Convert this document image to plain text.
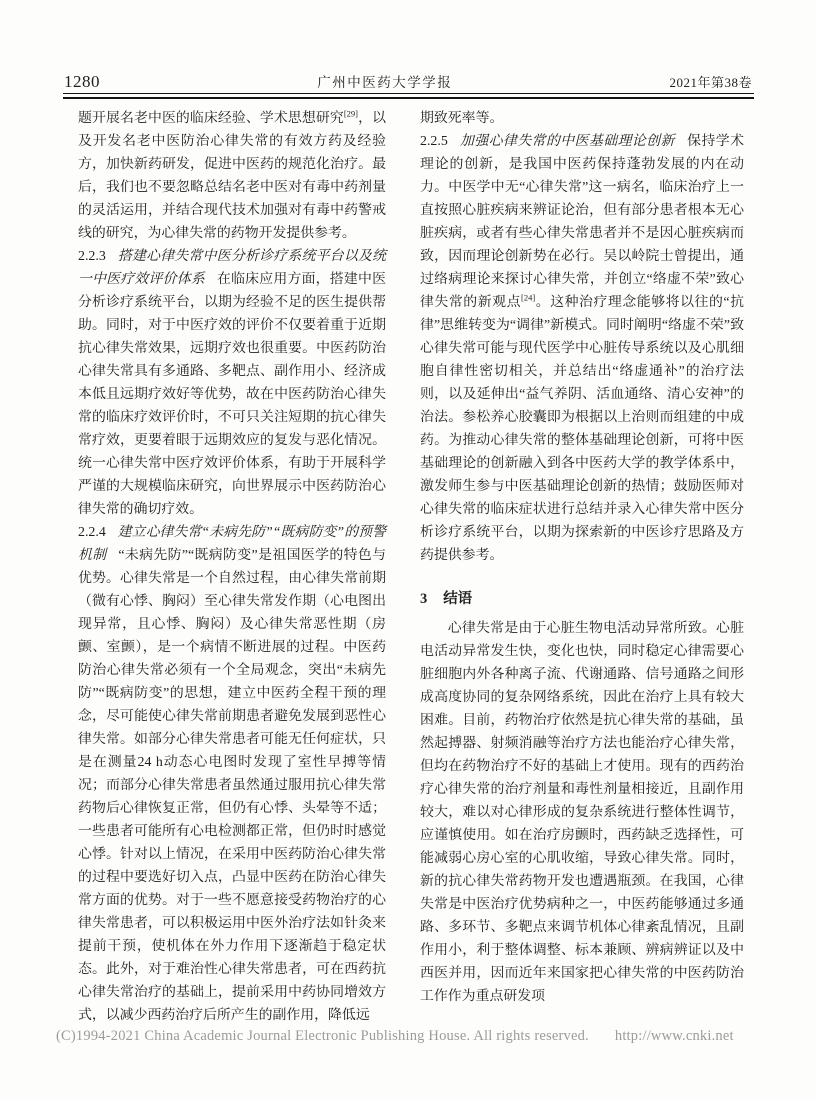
1280	广州中医药大学学报	2021年第38卷

题开展名老中医的临床经验、学术思想研究[29]，以及开发名老中医防治心律失常的有效方药及经验方，加快新药研发，促进中医药的规范化治疗。最后，我们也不要忽略总结名老中医对有毒中药剂量的灵活运用，并结合现代技术加强对有毒中药警戒线的研究，为心律失常的药物开发提供参考。

2.2.3 搭建心律失常中医分析诊疗系统平台以及统一中医疗效评价体系 在临床应用方面，搭建中医分析诊疗系统平台，以期为经验不足的医生提供帮助。同时，对于中医疗效的评价不仅要着重于近期抗心律失常效果，远期疗效也很重要。中医药防治心律失常具有多通路、多靶点、副作用小、经济成本低且远期疗效好等优势，故在中医药防治心律失常的临床疗效评价时，不可只关注短期的抗心律失常疗效，更要着眼于远期效应的复发与恶化情况。统一心律失常中医疗效评价体系，有助于开展科学严谨的大规模临床研究，向世界展示中医药防治心律失常的确切疗效。

2.2.4 建立心律失常“未病先防”“既病防变”的预警机制 “未病先防”“既病防变”是祖国医学的特色与优势。心律失常是一个自然过程，由心律失常前期（微有心悸、胸闷）至心律失常发作期（心电图出现异常，且心悸、胸闷）及心律失常恶性期（房颤、室颤），是一个病情不断进展的过程。中医药防治心律失常必须有一个全局观念，突出“未病先防”“既病防变”的思想，建立中医药全程干预的理念，尽可能使心律失常前期患者避免发展到恶性心律失常。如部分心律失常患者可能无任何症状，只是在测量24 h动态心电图时发现了室性早搏等情况；而部分心律失常患者虽然通过服用抗心律失常药物后心律恢复正常，但仍有心悸、头晕等不适；一些患者可能所有心电检测都正常，但仍时时感觉心悸。针对以上情况，在采用中医药防治心律失常的过程中要选好切入点，凸显中医药在防治心律失常方面的优势。对于一些不愿意接受药物治疗的心律失常患者，可以积极运用中医外治疗法如针灸来提前干预，使机体在外力作用下逐渐趋于稳定状态。此外，对于难治性心律失常患者，可在西药抗心律失常治疗的基础上，提前采用中药协同增效方式，以减少西药治疗后所产生的副作用，降低远

期致死率等。

2.2.5 加强心律失常的中医基础理论创新 保持学术理论的创新，是我国中医药保持蓬勃发展的内在动力。中医学中无“心律失常”这一病名，临床治疗上一直按照心脏疾病来辨证论治，但有部分患者根本无心脏疾病，或者有些心律失常患者并不是因心脏疾病而致，因而理论创新势在必行。吴以岭院士曾提出，通过络病理论来探讨心律失常，并创立“络虚不荣”致心律失常的新观点[24]。这种治疗理念能够将以往的“抗律”思维转变为“调律”新模式。同时阐明“络虚不荣”致心律失常可能与现代医学中心脏传导系统以及心肌细胞自律性密切相关，并总结出“络虚通补”的治疗法则，以及延伸出“益气养阴、活血通络、清心安神”的治法。参松养心胶囊即为根据以上治则而组建的中成药。为推动心律失常的整体基础理论创新，可将中医基础理论的创新融入到各中医药大学的教学体系中，激发师生参与中医基础理论创新的热情；鼓励医师对心律失常的临床症状进行总结并录入心律失常中医分析诊疗系统平台，以期为探索新的中医诊疗思路及方药提供参考。

3 结语

心律失常是由于心脏生物电活动异常所致。心脏电活动异常发生快，变化也快，同时稳定心律需要心脏细胞内外各种离子流、代谢通路、信号通路之间形成高度协同的复杂网络系统，因此在治疗上具有较大困难。目前，药物治疗依然是抗心律失常的基础，虽然起搏器、射频消融等治疗方法也能治疗心律失常，但均在药物治疗不好的基础上才使用。现有的西药治疗心律失常的治疗剂量和毒性剂量相接近，且副作用较大，难以对心律形成的复杂系统进行整体性调节，应谨慎使用。如在治疗房颤时，西药缺乏选择性，可能减弱心房心室的心肌收缩，导致心律失常。同时，新的抗心律失常药物开发也遭遇瓶颈。在我国，心律失常是中医治疗优势病种之一，中医药能够通过多通路、多环节、多靶点来调节机体心律紊乱情况，且副作用小，利于整体调整、标本兼顾、辨病辨证以及中西医并用，因而近年来国家把心律失常的中医药防治工作作为重点研发项

(C)1994-2021 China Academic Journal Electronic Publishing House. All rights reserved. http://www.cnki.net
